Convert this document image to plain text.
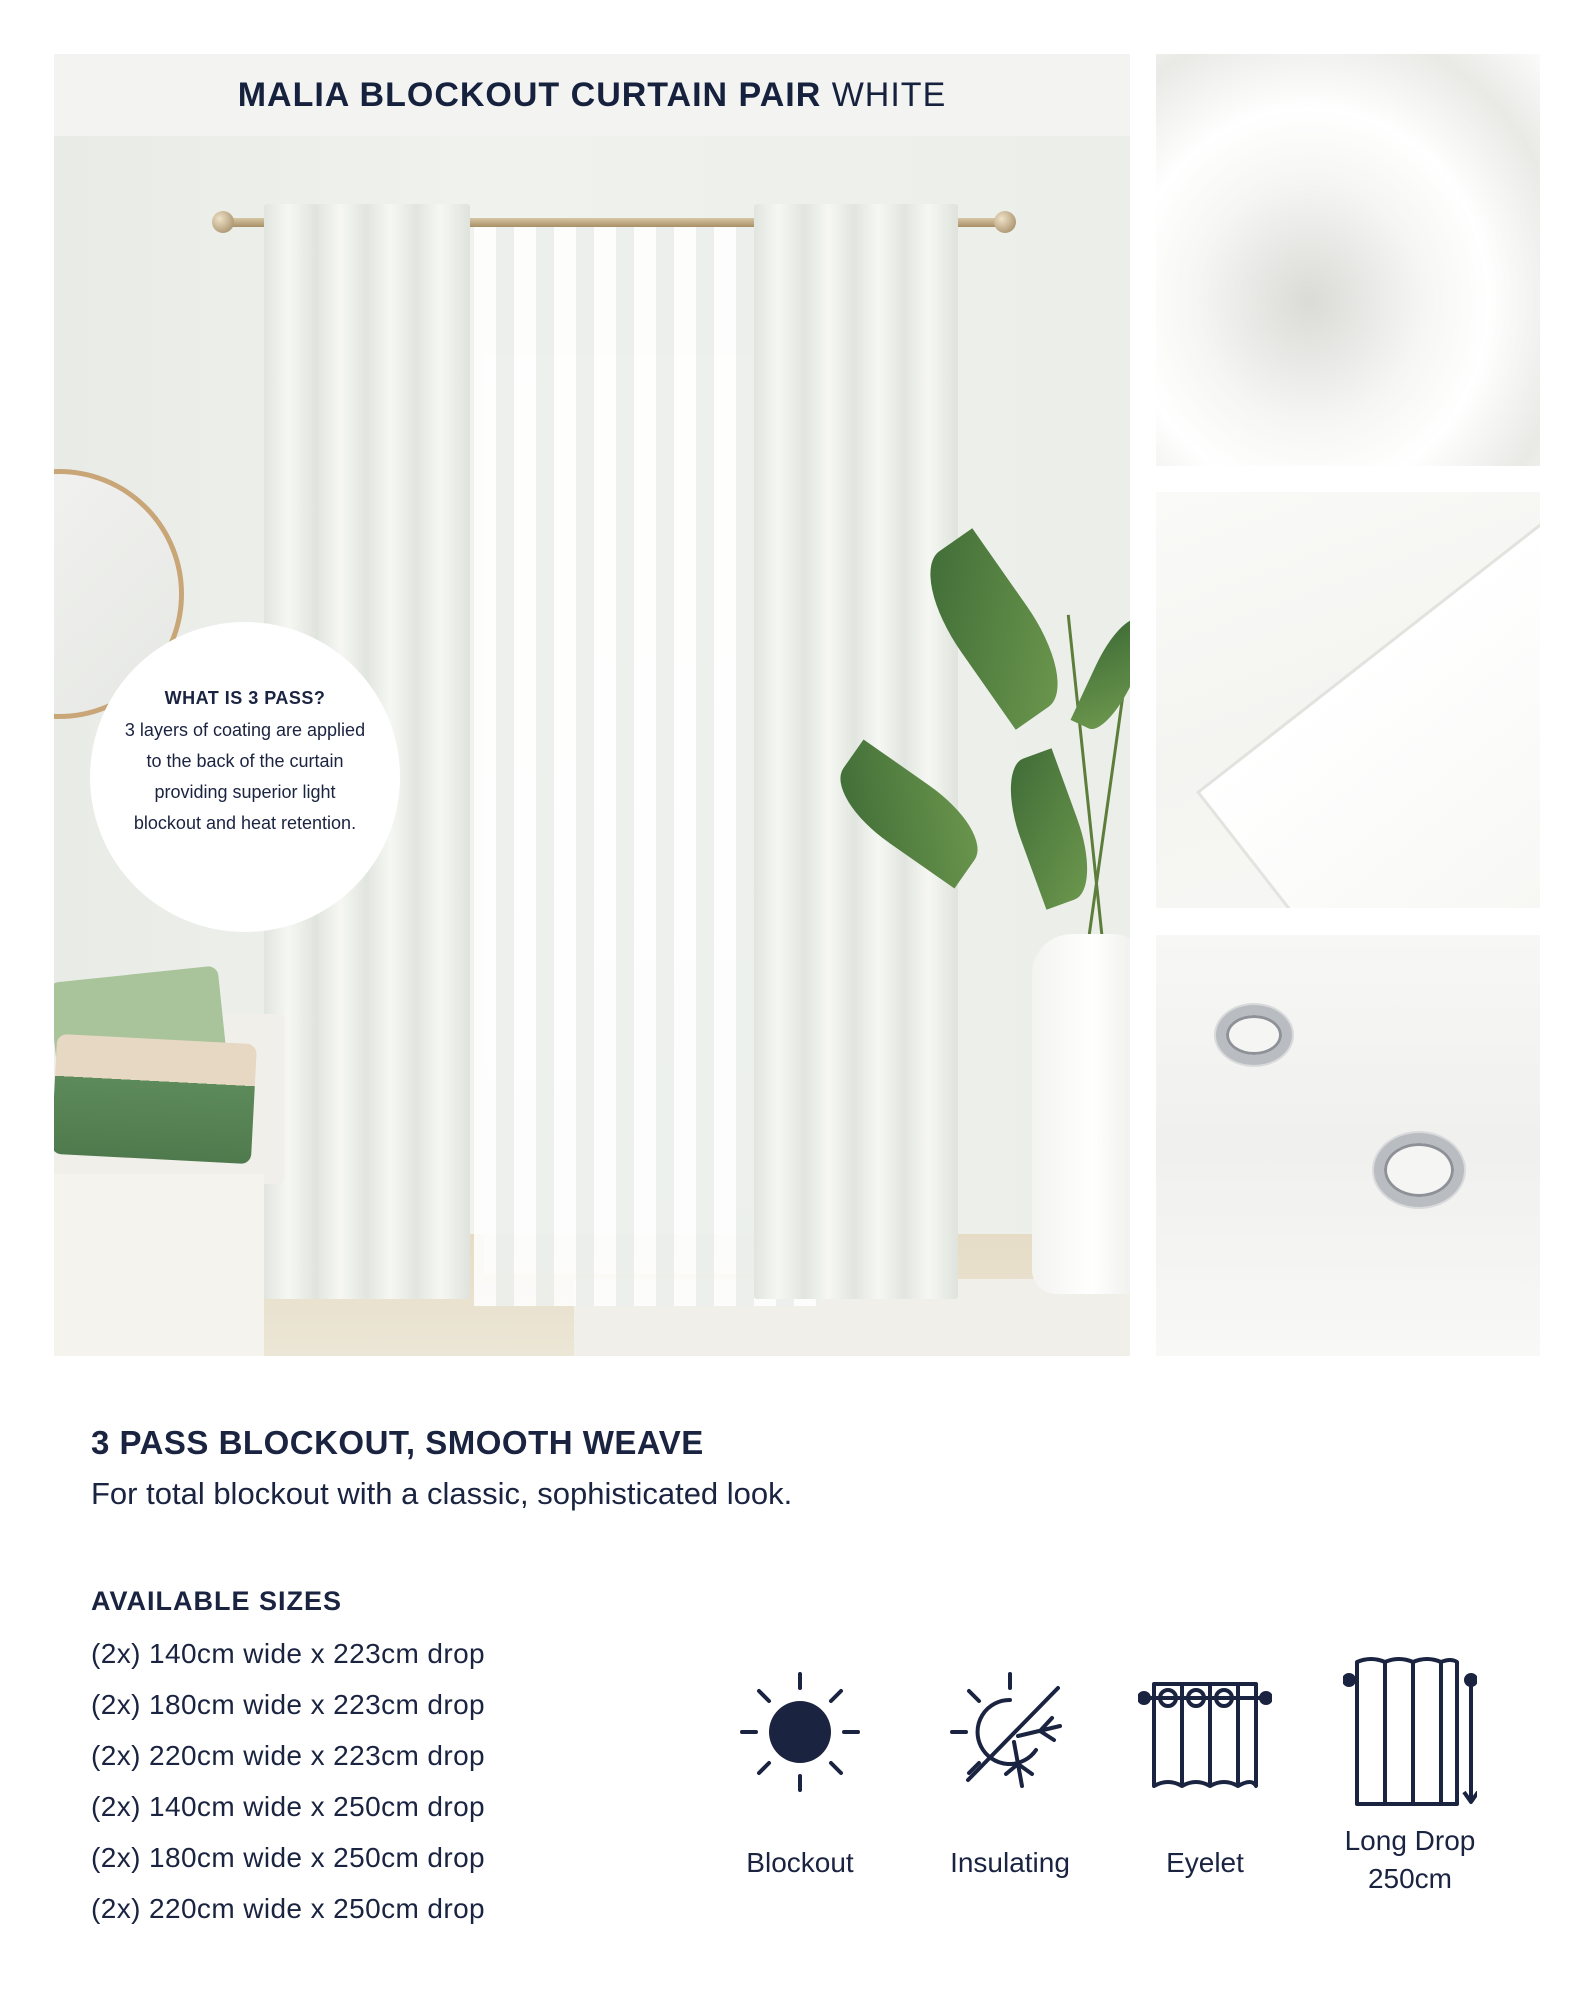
MALIA BLOCKOUT CURTAIN PAIR WHITE
WHAT IS 3 PASS?
3 layers of coating are applied to the back of the curtain providing superior light blockout and heat retention.
3 PASS BLOCKOUT, SMOOTH WEAVE
For total blockout with a classic, sophisticated look.
AVAILABLE SIZES
(2x) 140cm wide x 223cm drop
(2x) 180cm wide x 223cm drop
(2x) 220cm wide x 223cm drop
(2x) 140cm wide x 250cm drop
(2x) 180cm wide x 250cm drop
(2x) 220cm wide x 250cm drop
Blockout	Insulating	Eyelet
Long Drop
250cm
